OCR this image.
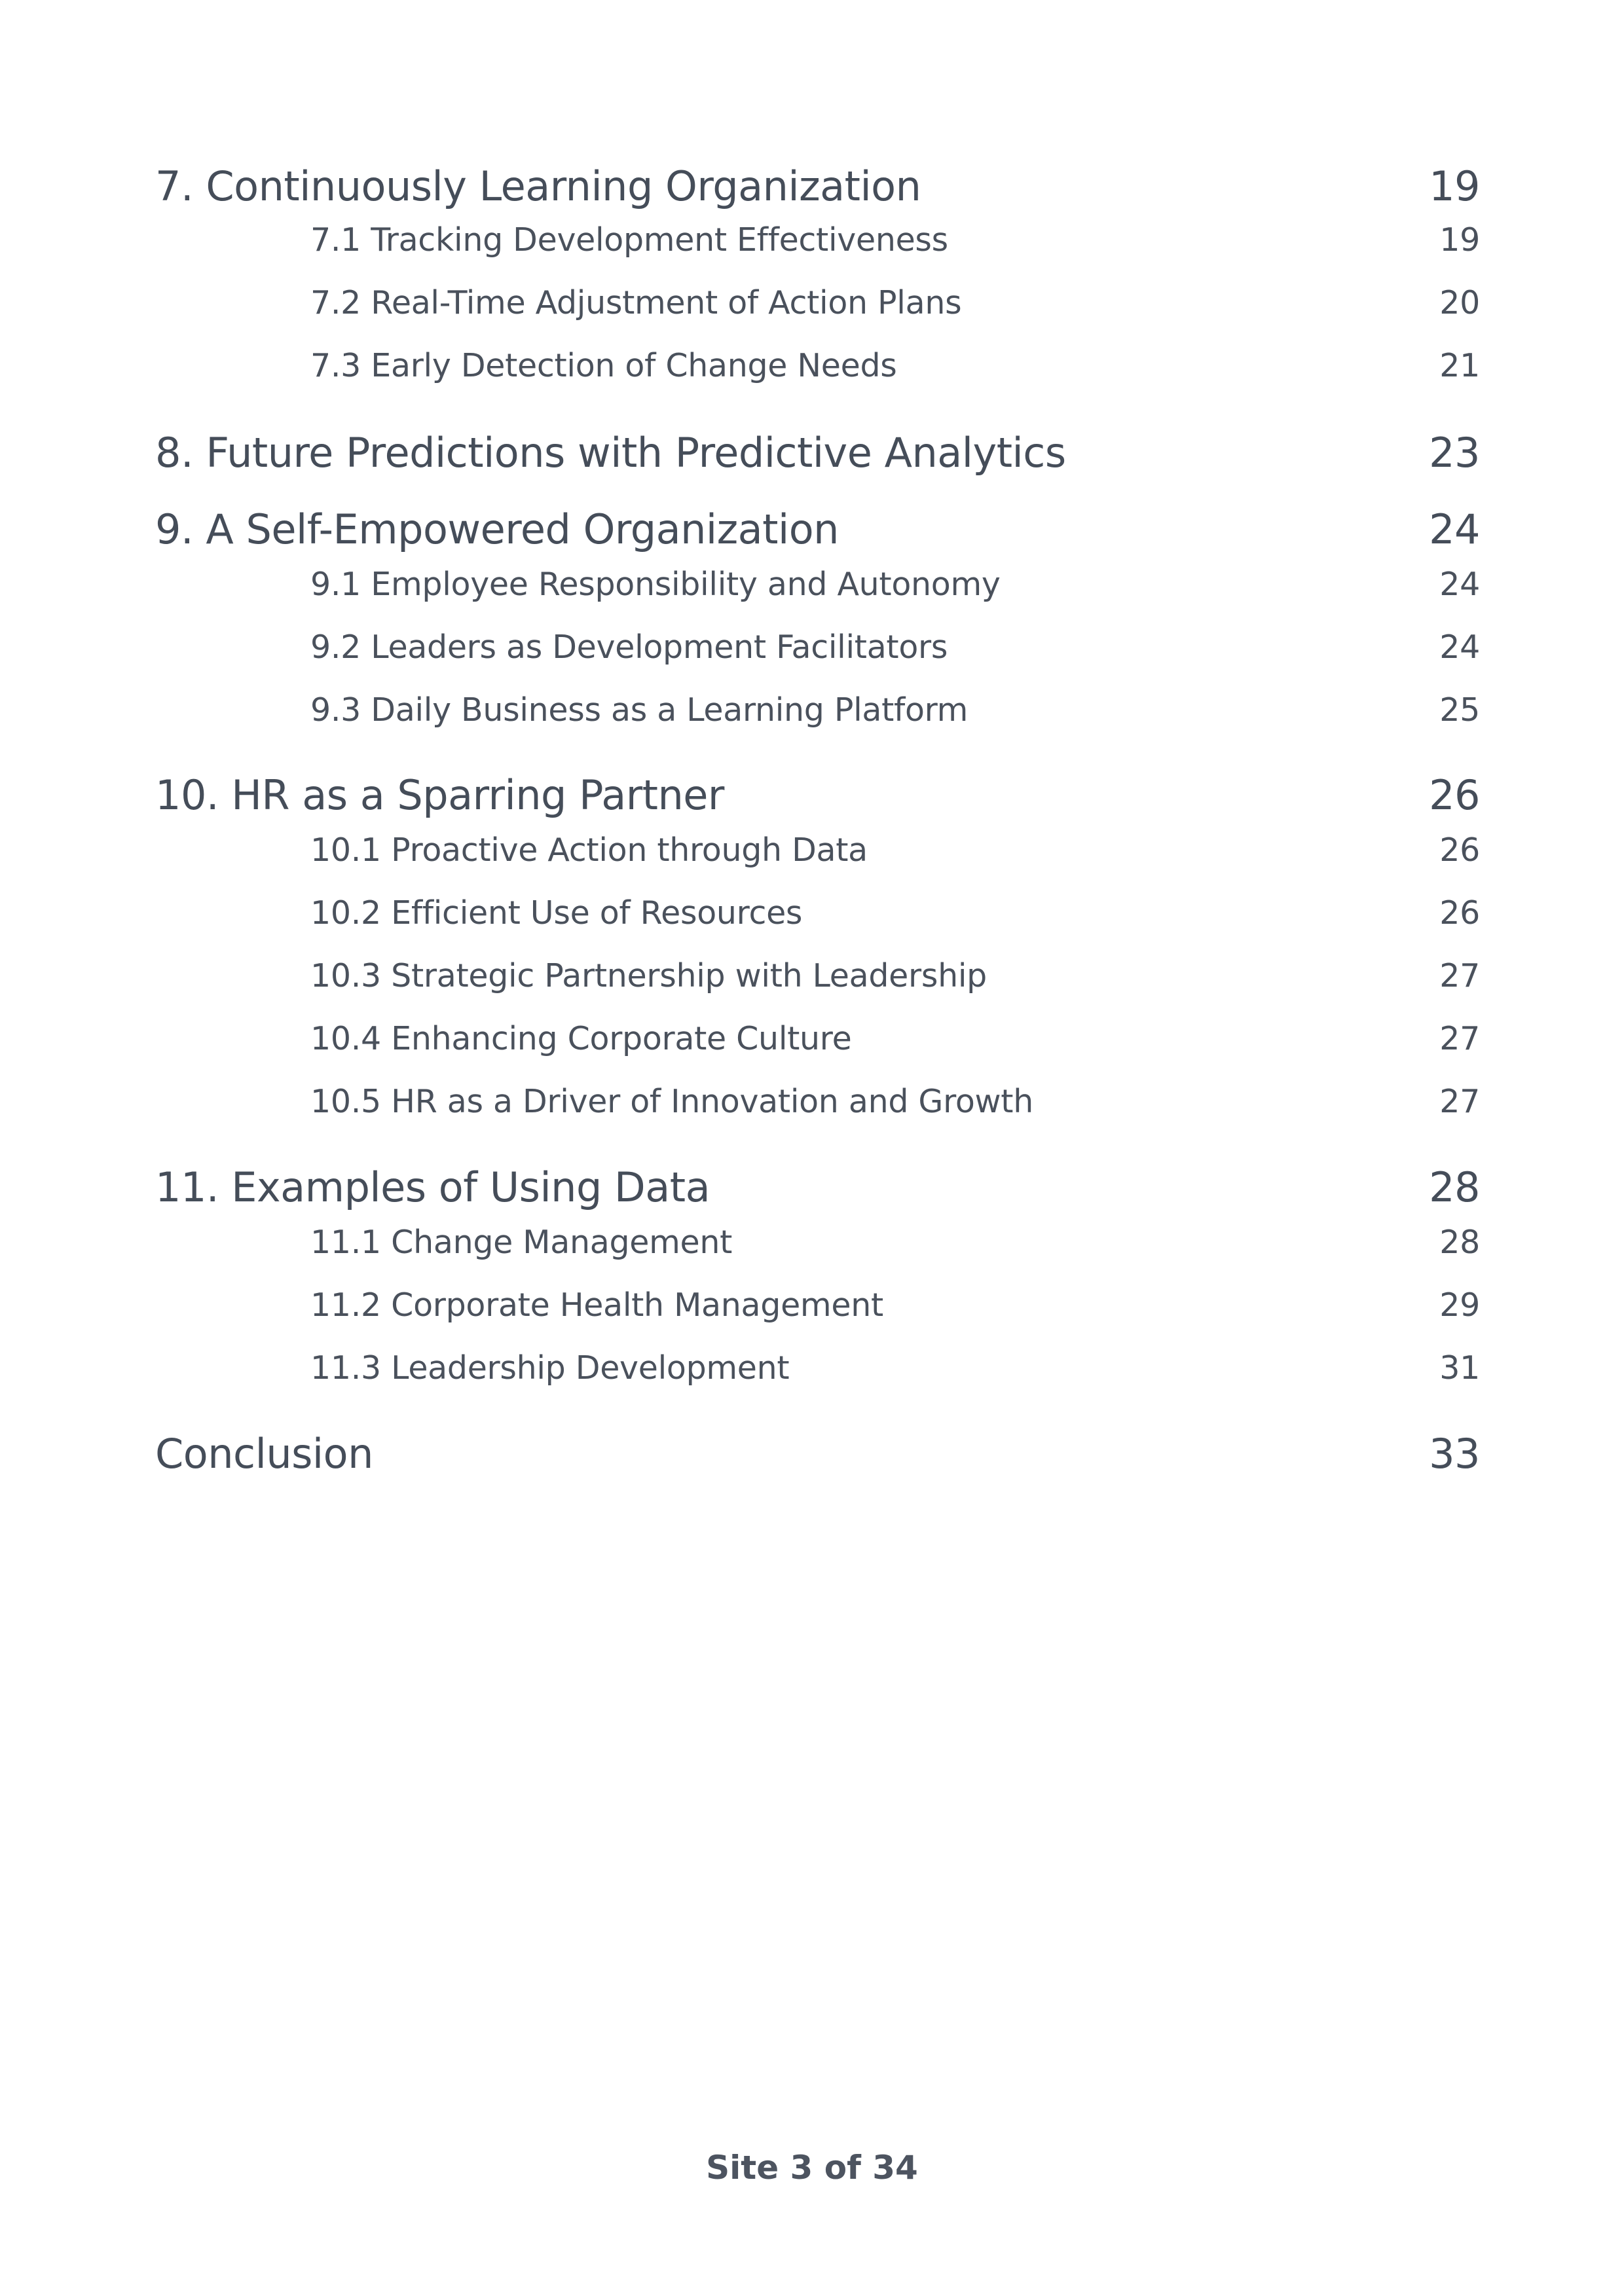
7. Continuously Learning Organization	19
7.1 Tracking Development Effectiveness	19
7.2 Real-Time Adjustment of Action Plans	20
7.3 Early Detection of Change Needs	21
8. Future Predictions with Predictive Analytics	23
9. A Self-Empowered Organization	24
9.1 Employee Responsibility and Autonomy	24
9.2 Leaders as Development Facilitators	24
9.3 Daily Business as a Learning Platform	25
10. HR as a Sparring Partner	26
10.1 Proactive Action through Data	26
10.2 Efficient Use of Resources	26
10.3 Strategic Partnership with Leadership	27
10.4 Enhancing Corporate Culture	27
10.5 HR as a Driver of Innovation and Growth	27
11. Examples of Using Data	28
11.1 Change Management	28
11.2 Corporate Health Management	29
11.3 Leadership Development	31
Conclusion	33
Site 3 of 34
